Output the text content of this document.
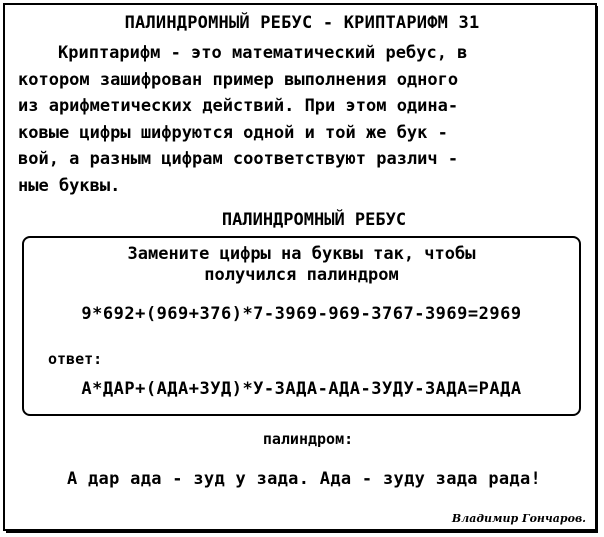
ПАЛИНДРОМНЫЙ РЕБУС - КРИПТАРИФМ 31
Криптарифм - это математический ребус, в
котором зашифрован пример выполнения одного
из арифметических действий. При этом одина-
ковые цифры шифруются одной и той же бук -
вой, а разным цифрам соответствуют различ -
ные буквы.
ПАЛИНДРОМНЫЙ РЕБУС
Замените цифры на буквы так, чтобы
получился палиндром
9*692+(969+376)*7-3969-969-3767-3969=2969
ответ:
А*ДАР+(АДА+ЗУД)*У-ЗАДА-АДА-ЗУДУ-ЗАДА=РАДА
палиндром:
А дар ада - зуд у зада. Ада - зуду зада рада!
Владимир Гончаров.
